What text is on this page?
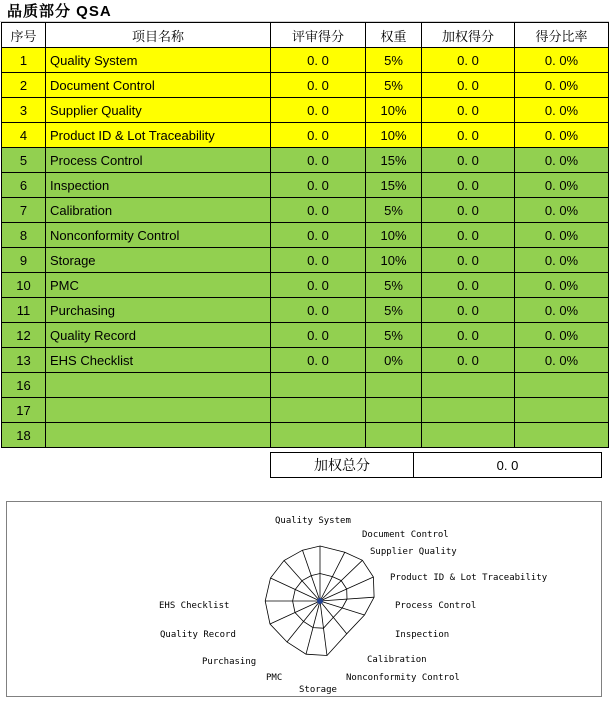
品质部分 QSA
序号	项目名称	评审得分	权重	加权得分	得分比率
1	Quality System	0. 0	5%	0. 0	0. 0%
2	Document Control	0. 0	5%	0. 0	0. 0%
3	Supplier Quality	0. 0	10%	0. 0	0. 0%
4	Product ID & Lot Traceability	0. 0	10%	0. 0	0. 0%
5	Process Control	0. 0	15%	0. 0	0. 0%
6	Inspection	0. 0	15%	0. 0	0. 0%
7	Calibration	0. 0	5%	0. 0	0. 0%
8	Nonconformity Control	0. 0	10%	0. 0	0. 0%
9	Storage	0. 0	10%	0. 0	0. 0%
10	PMC	0. 0	5%	0. 0	0. 0%
11	Purchasing	0. 0	5%	0. 0	0. 0%
12	Quality Record	0. 0	5%	0. 0	0. 0%
13	EHS Checklist	0. 0	0%	0. 0	0. 0%
16					
17					
18					
加权总分	0. 0
Quality System
Document Control
Supplier Quality
Product ID & Lot Traceability
Process Control
Inspection
Calibration
Nonconformity Control
Storage
PMC
Purchasing
Quality Record
EHS Checklist
